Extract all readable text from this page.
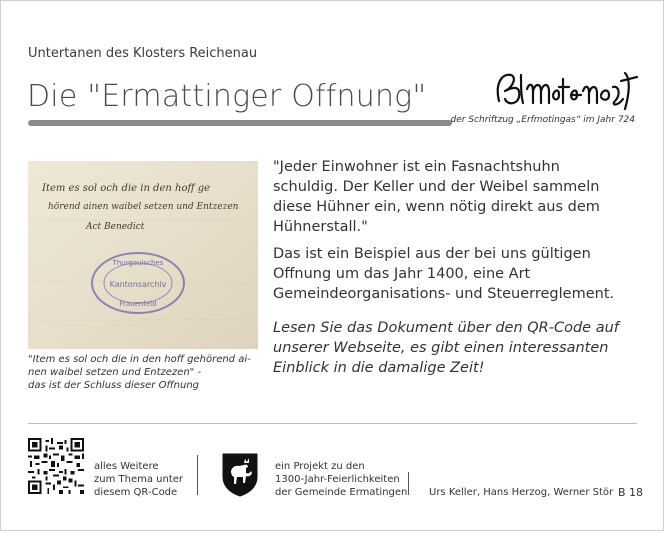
Untertanen des Klosters Reichenau
Die "Ermattinger Offnung"
der Schriftzug „Erfmotingas“ im Jahr 724
Item es sol och die in den hoff ge
hörend ainen waibel setzen und Entzezen
Act Benedict
Thurgauisches
Kantonsarchiv
Frauenfeld
"Item es sol och die in den hoff gehörend ai-
nen waibel setzen und Entzezen" -
das ist der Schluss dieser Offnung

"Jeder Einwohner ist ein Fasnachtshuhn schuldig. Der Keller und der Weibel sammeln diese Hühner ein, wenn nötig direkt aus dem Hühnerstall."

Das ist ein Beispiel aus der bei uns gültigen Offnung um das Jahr 1400, eine Art Gemeindeorganisations- und Steuerreglement.

Lesen Sie das Dokument über den QR-Code auf unserer Webseite, es gibt einen interessanten Einblick in die damalige Zeit!

alles Weitere
zum Thema unter
diesem QR-Code
ein Projekt zu den
1300-Jahr-Feierlichkeiten
der Gemeinde Ermatingen Urs Keller, Hans Herzog, Werner Stör B 18
